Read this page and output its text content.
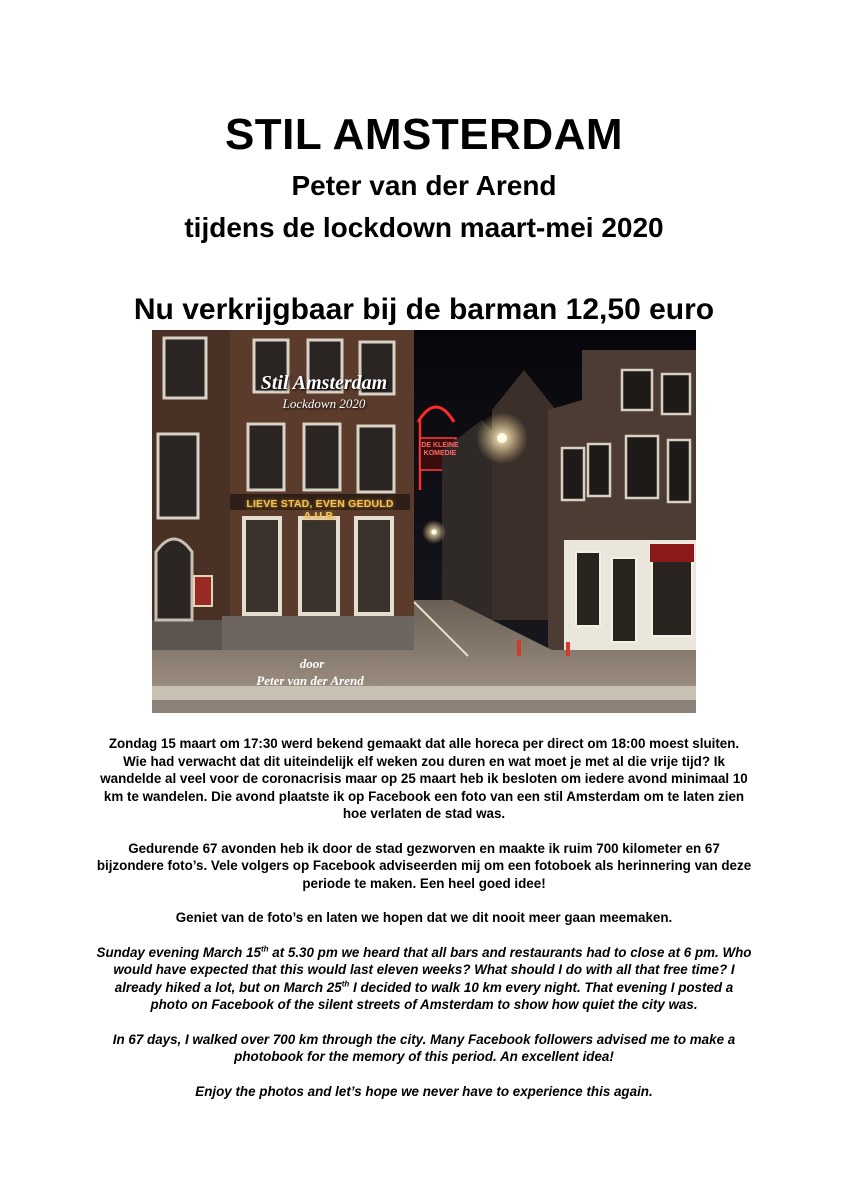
STIL AMSTERDAM
Peter van der Arend
tijdens de lockdown maart-mei 2020
Nu verkrijgbaar bij de barman 12,50 euro
Stil Amsterdam
Lockdown 2020
LIEVE STAD, EVEN GEDULD A.U.B.
DE KLEINE KOMEDIE
door
Peter van der Arend

Zondag 15 maart om 17:30 werd bekend gemaakt dat alle horeca per direct om 18:00 moest sluiten. Wie had verwacht dat dit uiteindelijk elf weken zou duren en wat moet je met al die vrije tijd? Ik wandelde al veel voor de coronacrisis maar op 25 maart heb ik besloten om iedere avond minimaal 10 km te wandelen. Die avond plaatste ik op Facebook een foto van een stil Amsterdam om te laten zien hoe verlaten de stad was.

Gedurende 67 avonden heb ik door de stad gezworven en maakte ik ruim 700 kilometer en 67 bijzondere foto’s. Vele volgers op Facebook adviseerden mij om een fotoboek als herinnering van deze periode te maken. Een heel goed idee!

Geniet van de foto’s en laten we hopen dat we dit nooit meer gaan meemaken.

Sunday evening March 15th at 5.30 pm we heard that all bars and restaurants had to close at 6 pm. Who would have expected that this would last eleven weeks? What should I do with all that free time? I already hiked a lot, but on March 25th I decided to walk 10 km every night. That evening I posted a photo on Facebook of the silent streets of Amsterdam to show how quiet the city was.

In 67 days, I walked over 700 km through the city. Many Facebook followers advised me to make a photobook for the memory of this period. An excellent idea!

Enjoy the photos and let’s hope we never have to experience this again.
